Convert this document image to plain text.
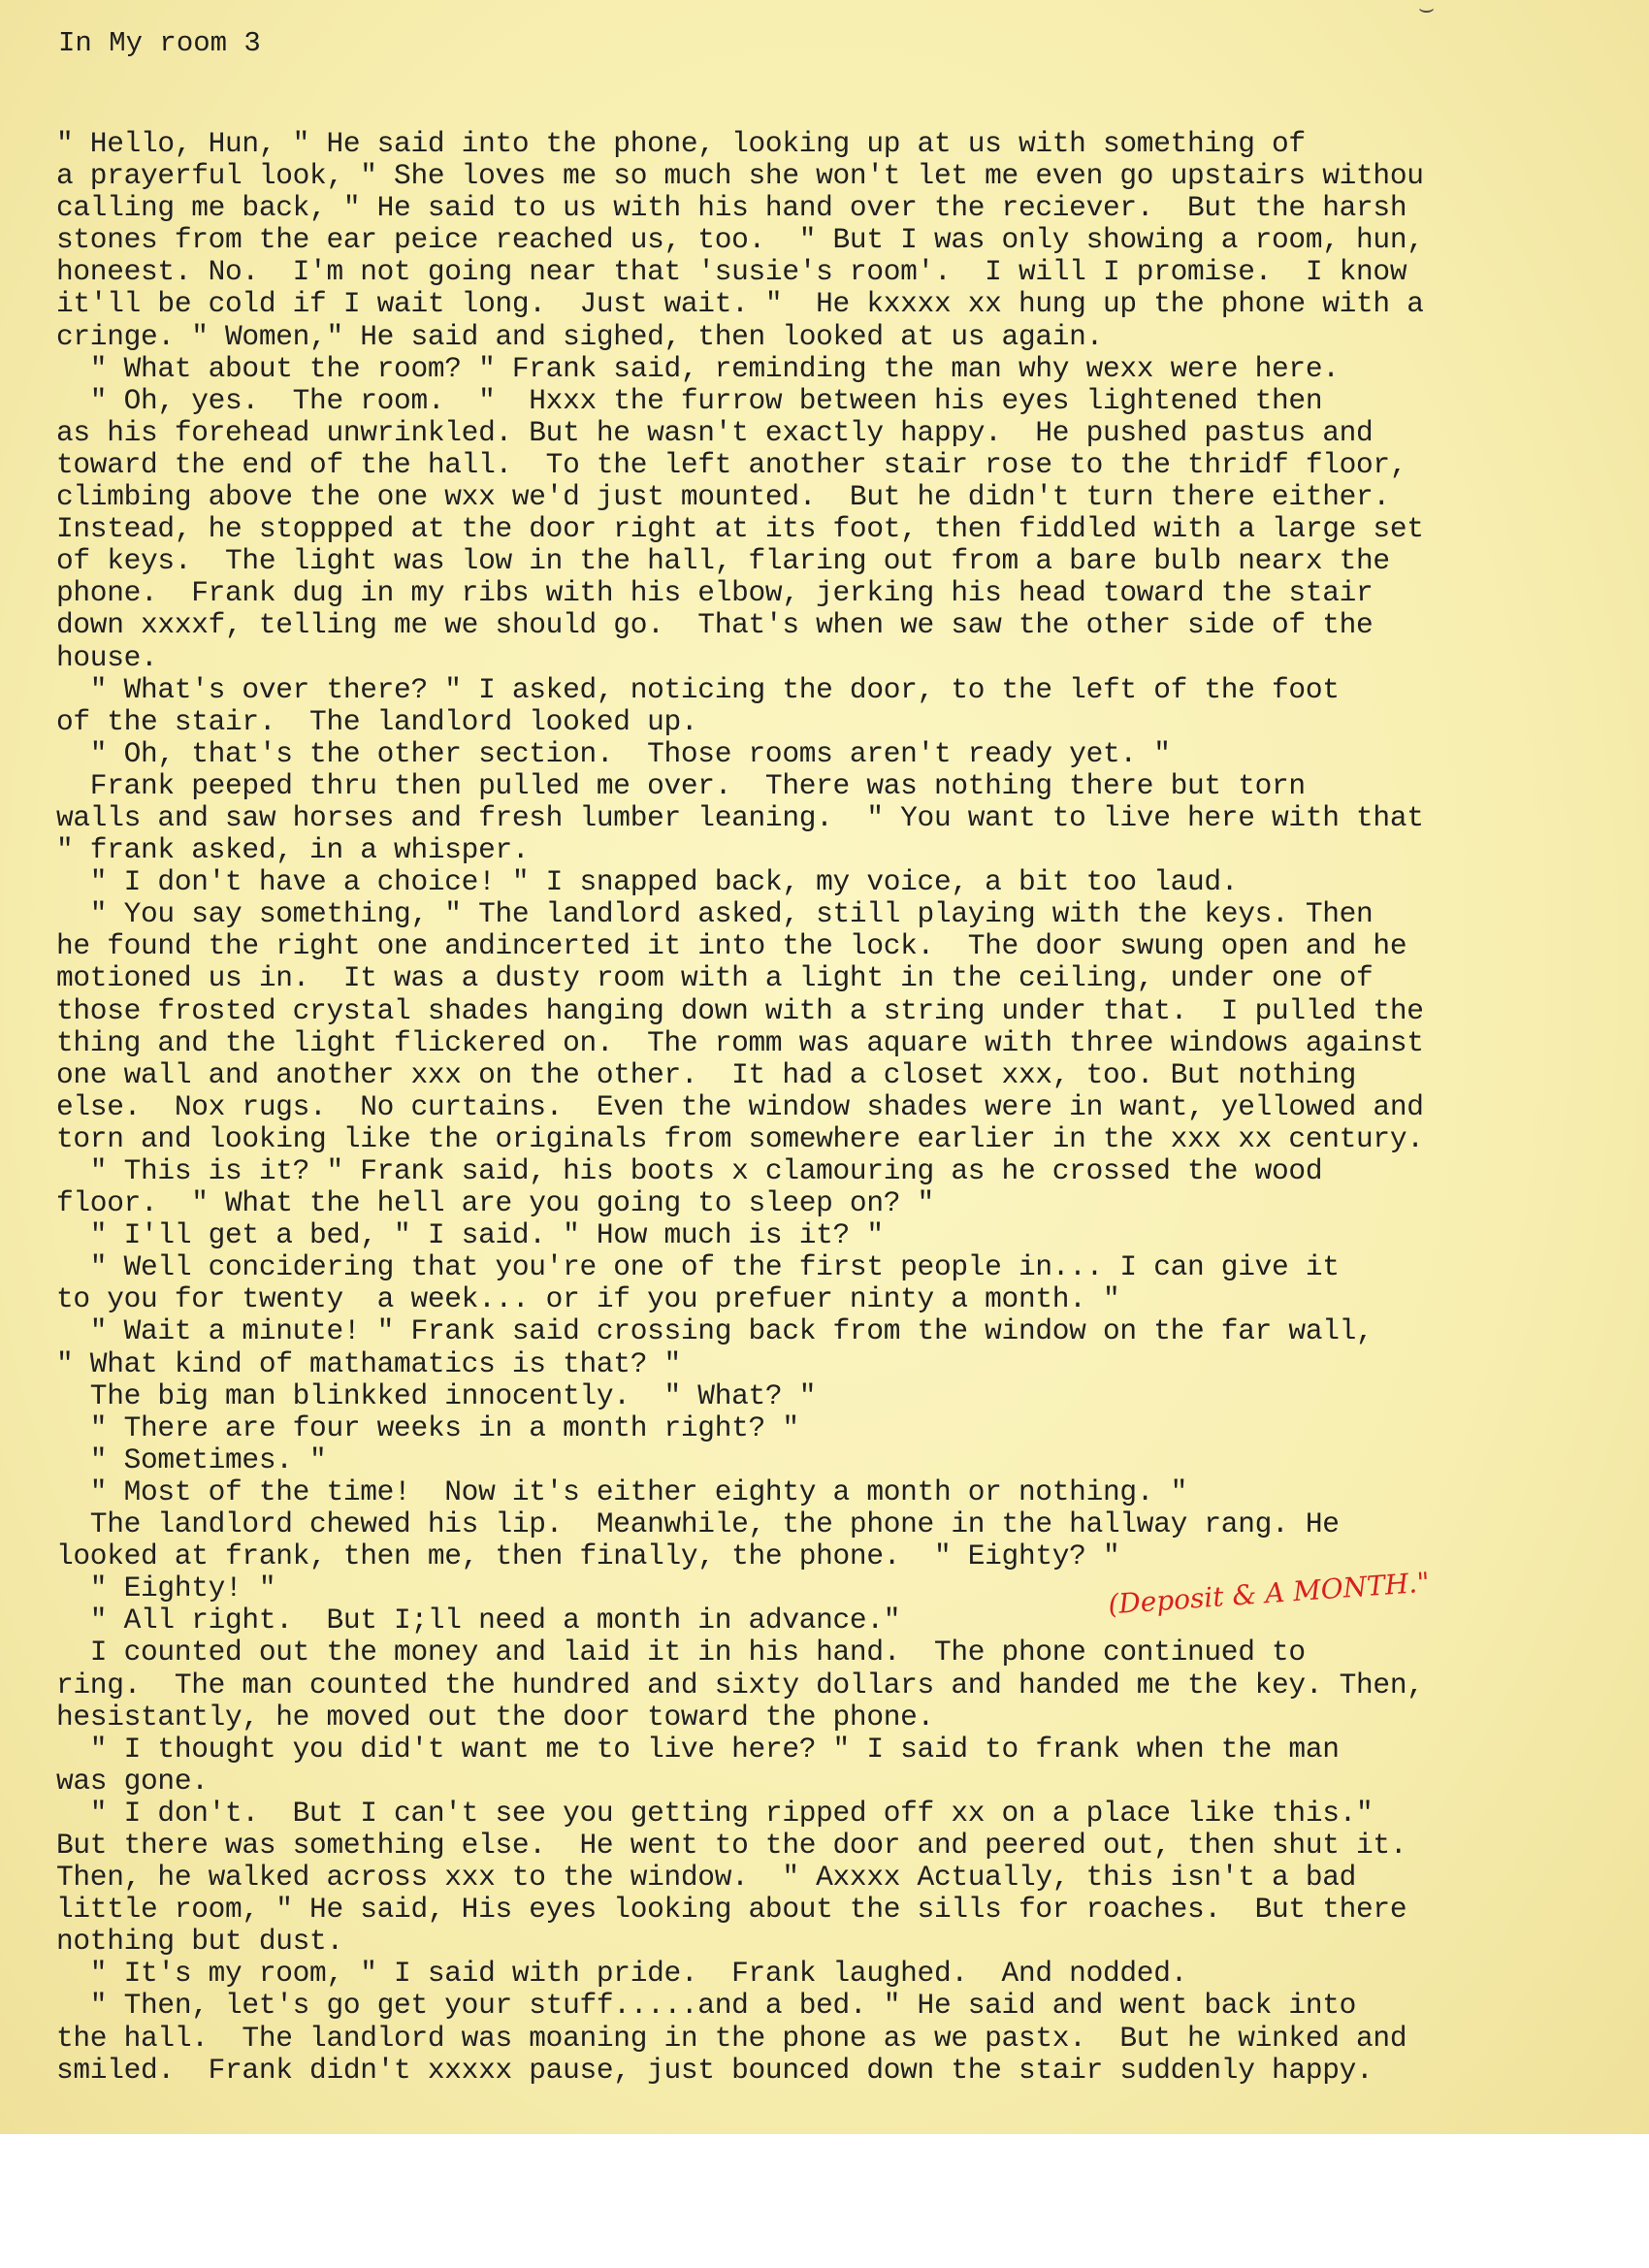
⌣
In My room 3
" Hello, Hun, " He said into the phone, looking up at us with something of
a prayerful look, " She loves me so much she won't let me even go upstairs withou
calling me back, " He said to us with his hand over the reciever.  But the harsh
stones from the ear peice reached us, too.  " But I was only showing a room, hun,
honeest. No.  I'm not going near that 'susie's room'.  I will I promise.  I know
it'll be cold if I wait long.  Just wait. "  He kxxxx xx hung up the phone with a
cringe. " Women," He said and sighed, then looked at us again.
" What about the room? " Frank said, reminding the man why wexx were here.
" Oh, yes.  The room.  "  Hxxx the furrow between his eyes lightened then
as his forehead unwrinkled. But he wasn't exactly happy.  He pushed pastus and
toward the end of the hall.  To the left another stair rose to the thridf floor,
climbing above the one wxx we'd just mounted.  But he didn't turn there either.
Instead, he stoppped at the door right at its foot, then fiddled with a large set
of keys.  The light was low in the hall, flaring out from a bare bulb nearx the
phone.  Frank dug in my ribs with his elbow, jerking his head toward the stair
down xxxxf, telling me we should go.  That's when we saw the other side of the
house.
" What's over there? " I asked, noticing the door, to the left of the foot
of the stair.  The landlord looked up.
" Oh, that's the other section.  Those rooms aren't ready yet. "
Frank peeped thru then pulled me over.  There was nothing there but torn
walls and saw horses and fresh lumber leaning.  " You want to live here with that
" frank asked, in a whisper.
" I don't have a choice! " I snapped back, my voice, a bit too laud.
" You say something, " The landlord asked, still playing with the keys. Then
he found the right one andincerted it into the lock.  The door swung open and he
motioned us in.  It was a dusty room with a light in the ceiling, under one of
those frosted crystal shades hanging down with a string under that.  I pulled the
thing and the light flickered on.  The romm was aquare with three windows against
one wall and another xxx on the other.  It had a closet xxx, too. But nothing
else.  Nox rugs.  No curtains.  Even the window shades were in want, yellowed and
torn and looking like the originals from somewhere earlier in the xxx xx century.
" This is it? " Frank said, his boots x clamouring as he crossed the wood
floor.  " What the hell are you going to sleep on? "
" I'll get a bed, " I said. " How much is it? "
" Well concidering that you're one of the first people in... I can give it
to you for twenty  a week... or if you prefuer ninty a month. "
" Wait a minute! " Frank said crossing back from the window on the far wall,
" What kind of mathamatics is that? "
The big man blinkked innocently.  " What? "
" There are four weeks in a month right? "
" Sometimes. "
" Most of the time!  Now it's either eighty a month or nothing. "
The landlord chewed his lip.  Meanwhile, the phone in the hallway rang. He
looked at frank, then me, then finally, the phone.  " Eighty? "
" Eighty! "
" All right.  But I;ll need a month in advance."
I counted out the money and laid it in his hand.  The phone continued to
ring.  The man counted the hundred and sixty dollars and handed me the key. Then,
hesistantly, he moved out the door toward the phone.
" I thought you did't want me to live here? " I said to frank when the man
was gone.
" I don't.  But I can't see you getting ripped off xx on a place like this."
But there was something else.  He went to the door and peered out, then shut it.
Then, he walked across xxx to the window.  " Axxxx Actually, this isn't a bad
little room, " He said, His eyes looking about the sills for roaches.  But there
nothing but dust.
" It's my room, " I said with pride.  Frank laughed.  And nodded.
" Then, let's go get your stuff.....and a bed. " He said and went back into
the hall.  The landlord was moaning in the phone as we pastx.  But he winked and
smiled.  Frank didn't xxxxx pause, just bounced down the stair suddenly happy.
(Deposit & A MONTH."
